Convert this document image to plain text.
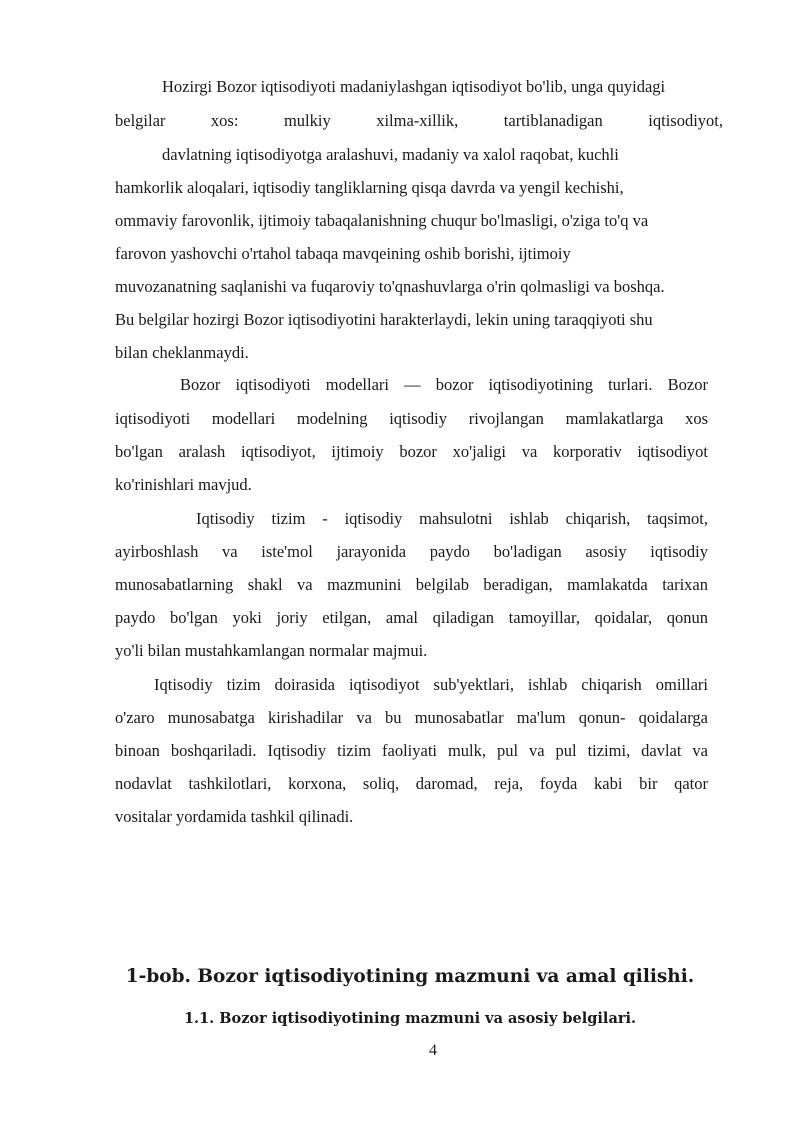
Hozirgi Bozor iqtisodiyoti madaniylashgan iqtisodiyot bo'lib, unga quyidagi
belgilar xos: mulkiy xilma-xillik, tartiblanadigan iqtisodiyot,
davlatning iqtisodiyotga aralashuvi, madaniy va xalol raqobat, kuchli
hamkorlik aloqalari, iqtisodiy tangliklarning qisqa davrda va yengil kechishi,
ommaviy farovonlik, ijtimoiy tabaqalanishning chuqur bo'lmasligi, o'ziga to'q va
farovon yashovchi o'rtahol tabaqa mavqeining oshib borishi, ijtimoiy
muvozanatning saqlanishi va fuqaroviy to'qnashuvlarga o'rin qolmasligi va boshqa.
Bu belgilar hozirgi Bozor iqtisodiyotini harakterlaydi, lekin uning taraqqiyoti shu
bilan cheklanmaydi.
Bozor iqtisodiyoti modellari — bozor iqtisodiyotining turlari. Bozor
iqtisodiyoti modellari modelning iqtisodiy rivojlangan mamlakatlarga xos
bo'lgan aralash iqtisodiyot, ijtimoiy bozor xo'jaligi va korporativ iqtisodiyot
ko'rinishlari mavjud.
Iqtisodiy tizim - iqtisodiy mahsulotni ishlab chiqarish, taqsimot,
ayirboshlash va iste'mol jarayonida paydo bo'ladigan asosiy iqtisodiy
munosabatlarning shakl va mazmunini belgilab beradigan, mamlakatda tarixan
paydo bo'lgan yoki joriy etilgan, amal qiladigan tamoyillar, qoidalar, qonun
yo'li bilan mustahkamlangan normalar majmui.
Iqtisodiy tizim doirasida iqtisodiyot sub'yektlari, ishlab chiqarish omillari
o'zaro munosabatga kirishadilar va bu munosabatlar ma'lum qonun- qoidalarga
binoan boshqariladi. Iqtisodiy tizim faoliyati mulk, pul va pul tizimi, davlat va
nodavlat tashkilotlari, korxona, soliq, daromad, reja, foyda kabi bir qator
vositalar yordamida tashkil qilinadi.
1-bob. Bozor iqtisodiyotining mazmuni va amal qilishi.
1.1. Bozor iqtisodiyotining mazmuni va asosiy belgilari.
4
